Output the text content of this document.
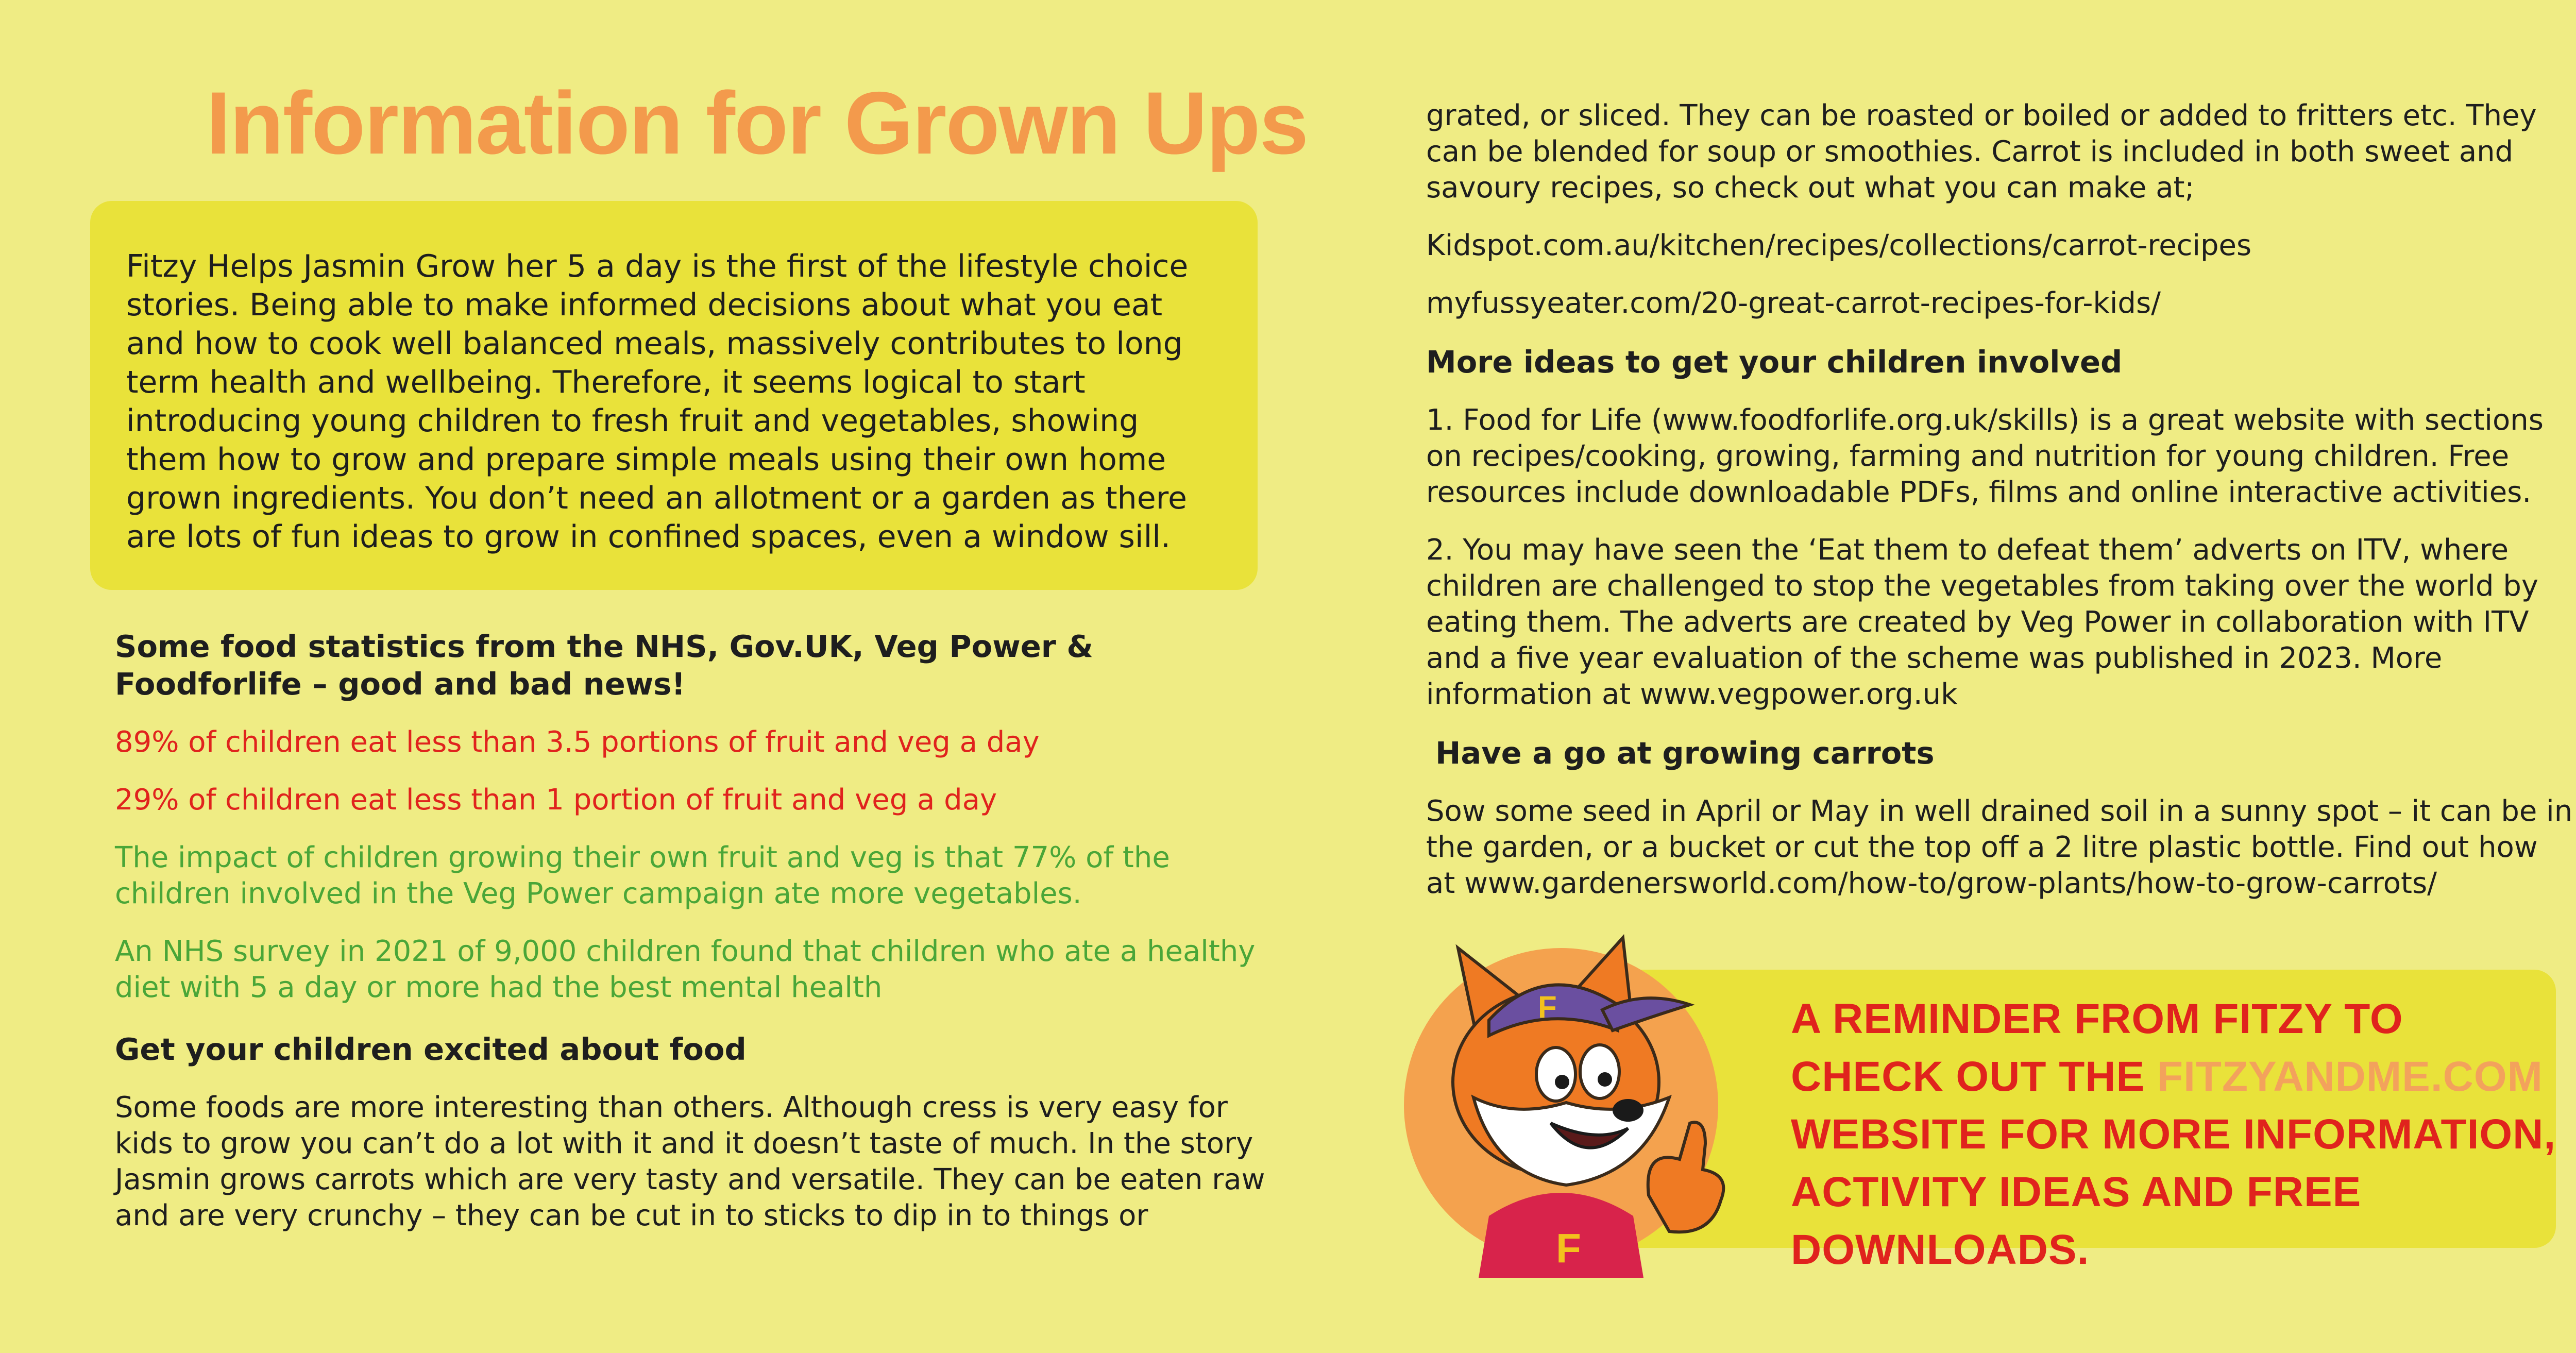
Information for Grown Ups

Fitzy Helps Jasmin Grow her 5 a day is the first of the lifestyle choice stories. Being able to make informed decisions about what you eat and how to cook well balanced meals, massively contributes to long term health and wellbeing. Therefore, it seems logical to start introducing young children to fresh fruit and vegetables, showing them how to grow and prepare simple meals using their own home grown ingredients. You don’t need an allotment or a garden as there are lots of fun ideas to grow in confined spaces, even a window sill.

Some food statistics from the NHS, Gov.UK, Veg Power & Foodforlife – good and bad news!

89% of children eat less than 3.5 portions of fruit and veg a day

29% of children eat less than 1 portion of fruit and veg a day

The impact of children growing their own fruit and veg is that 77% of the children involved in the Veg Power campaign ate more vegetables.

An NHS survey in 2021 of 9,000 children found that children who ate a healthy diet with 5 a day or more had the best mental health

Get your children excited about food

Some foods are more interesting than others. Although cress is very easy for kids to grow you can’t do a lot with it and it doesn’t taste of much. In the story Jasmin grows carrots which are very tasty and versatile. They can be eaten raw and are very crunchy – they can be cut in to sticks to dip in to things or

grated, or sliced. They can be roasted or boiled or added to fritters etc. They can be blended for soup or smoothies. Carrot is included in both sweet and savoury recipes, so check out what you can make at;

Kidspot.com.au/kitchen/recipes/collections/carrot-recipes

myfussyeater.com/20-great-carrot-recipes-for-kids/

More ideas to get your children involved

1. Food for Life (www.foodforlife.org.uk/skills) is a great website with sections on recipes/cooking, growing, farming and nutrition for young children. Free resources include downloadable PDFs, films and online interactive activities.

2. You may have seen the ‘Eat them to defeat them’ adverts on ITV, where children are challenged to stop the vegetables from taking over the world by eating them. The adverts are created by Veg Power in collaboration with ITV and a five year evaluation of the scheme was published in 2023. More information at www.vegpower.org.uk

Have a go at growing carrots

Sow some seed in April or May in well drained soil in a sunny spot – it can be in the garden, or a bucket or cut the top off a 2 litre plastic bottle. Find out how at www.gardenersworld.com/how-to/grow-plants/how-to-grow-carrots/

A REMINDER FROM FITZY TO CHECK OUT THE FITZYANDME.COM WEBSITE FOR MORE INFORMATION, ACTIVITY IDEAS AND FREE DOWNLOADS.

F
F
